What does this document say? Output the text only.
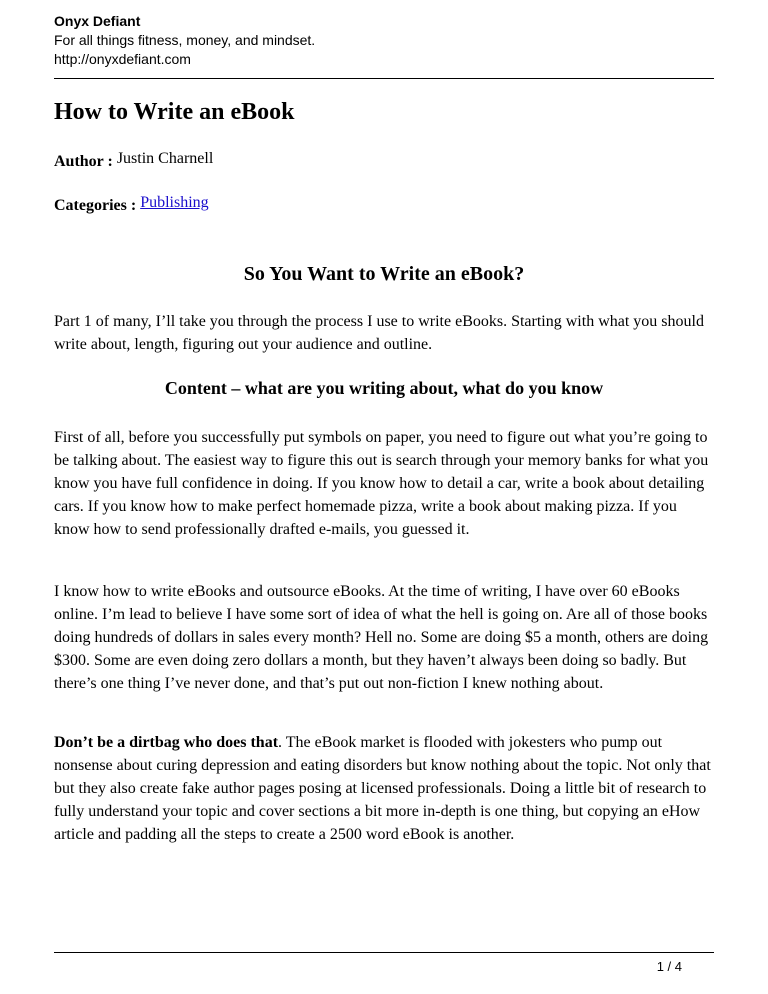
Onyx Defiant
For all things fitness, money, and mindset.
http://onyxdefiant.com
How to Write an eBook
Author : Justin Charnell
Categories : Publishing
So You Want to Write an eBook?

Part 1 of many, I’ll take you through the process I use to write eBooks. Starting with what you should write about, length, figuring out your audience and outline.

Content – what are you writing about, what do you know

First of all, before you successfully put symbols on paper, you need to figure out what you’re going to be talking about. The easiest way to figure this out is search through your memory banks for what you know you have full confidence in doing. If you know how to detail a car, write a book about detailing cars. If you know how to make perfect homemade pizza, write a book about making pizza. If you know how to send professionally drafted e-mails, you guessed it.

I know how to write eBooks and outsource eBooks. At the time of writing, I have over 60 eBooks online. I’m lead to believe I have some sort of idea of what the hell is going on. Are all of those books doing hundreds of dollars in sales every month? Hell no. Some are doing $5 a month, others are doing $300. Some are even doing zero dollars a month, but they haven’t always been doing so badly. But there’s one thing I’ve never done, and that’s put out non-fiction I knew nothing about.

Don’t be a dirtbag who does that. The eBook market is flooded with jokesters who pump out nonsense about curing depression and eating disorders but know nothing about the topic. Not only that but they also create fake author pages posing at licensed professionals. Doing a little bit of research to fully understand your topic and cover sections a bit more in-depth is one thing, but copying an eHow article and padding all the steps to create a 2500 word eBook is another.

1 / 4
